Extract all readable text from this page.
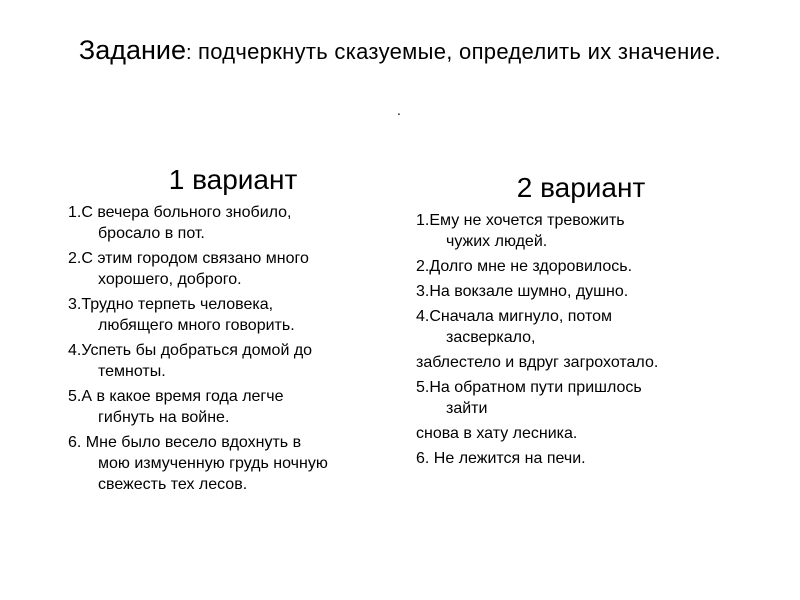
Задание: подчеркнуть сказуемые, определить их значение.
.
1 вариант
1.С вечера больного знобило,
бросало в пот.
2.С этим городом связано много
хорошего, доброго.
3.Трудно терпеть человека,
любящего много говорить.
4.Успеть бы добраться домой до
темноты.
5.А в какое время года легче
гибнуть на войне.
6. Мне было весело вдохнуть в
мою измученную грудь ночную свежесть тех лесов.
2 вариант
1.Ему не хочется тревожить
чужих людей.
2.Долго мне не здоровилось.
3.На вокзале шумно, душно.
4.Сначала мигнуло, потом
засверкало,
заблестело и вдруг загрохотало.
5.На обратном пути пришлось
зайти
снова в хату лесника.
6. Не лежится на печи.
